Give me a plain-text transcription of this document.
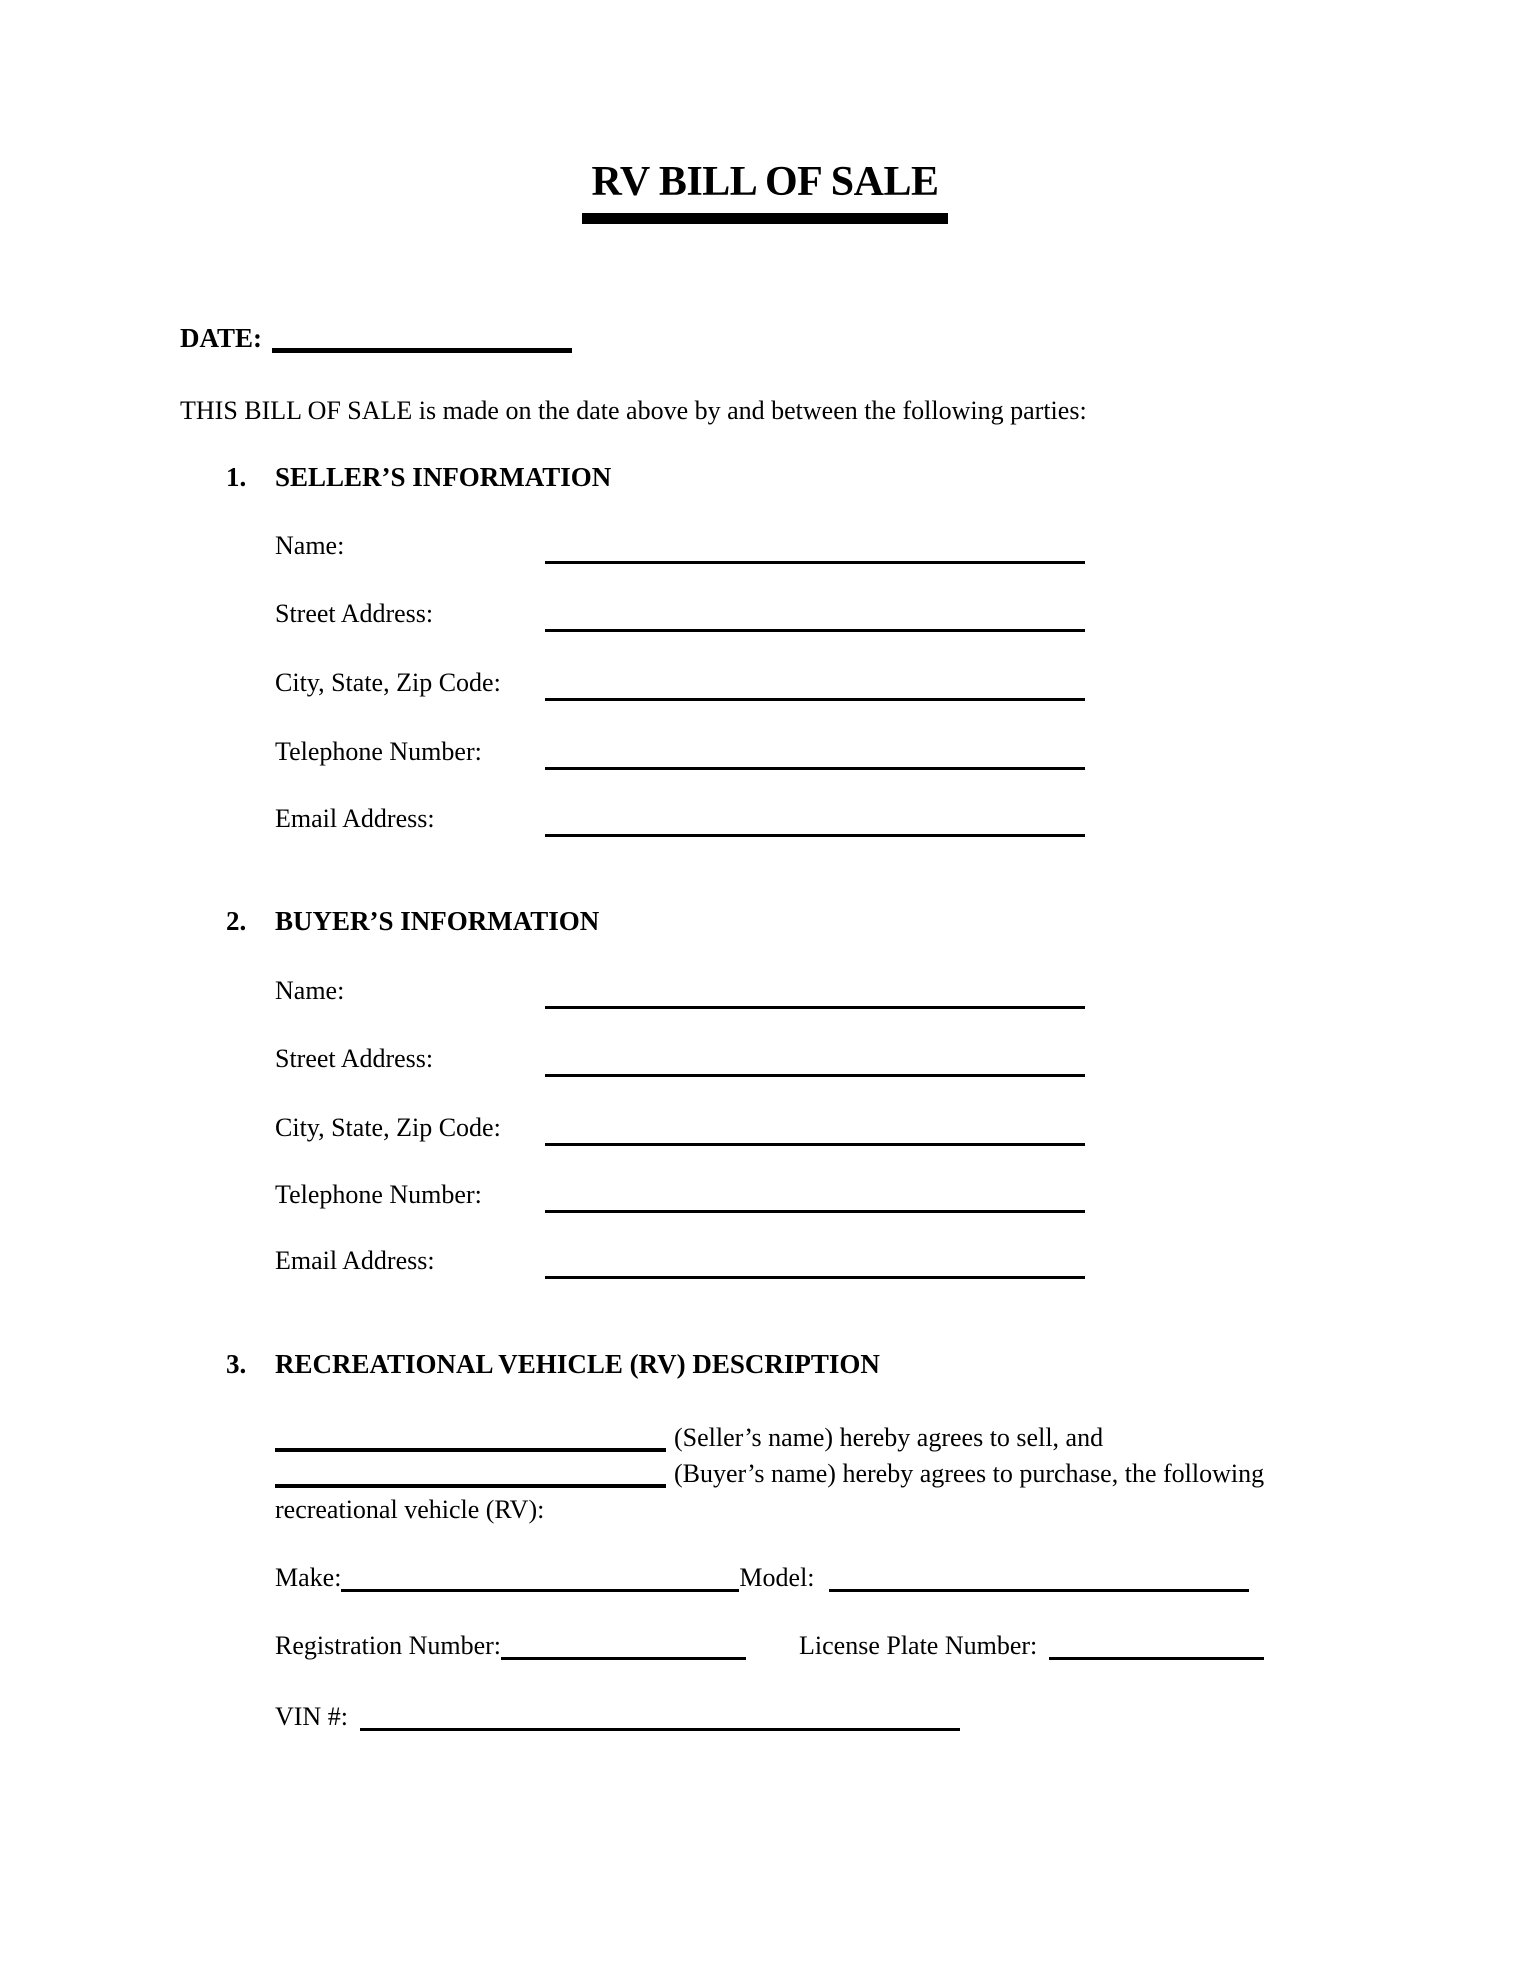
RV BILL OF SALE
DATE:
THIS BILL OF SALE is made on the date above by and between the following parties:
1. SELLER’S INFORMATION
Name:
Street Address:
City, State, Zip Code:
Telephone Number:
Email Address:
2. BUYER’S INFORMATION
Name:
Street Address:
City, State, Zip Code:
Telephone Number:
Email Address:
3. RECREATIONAL VEHICLE (RV) DESCRIPTION
(Seller’s name) hereby agrees to sell, and
(Buyer’s name) hereby agrees to purchase, the following
recreational vehicle (RV):
Make:	Model:
Registration Number:	License Plate Number:
VIN #:
